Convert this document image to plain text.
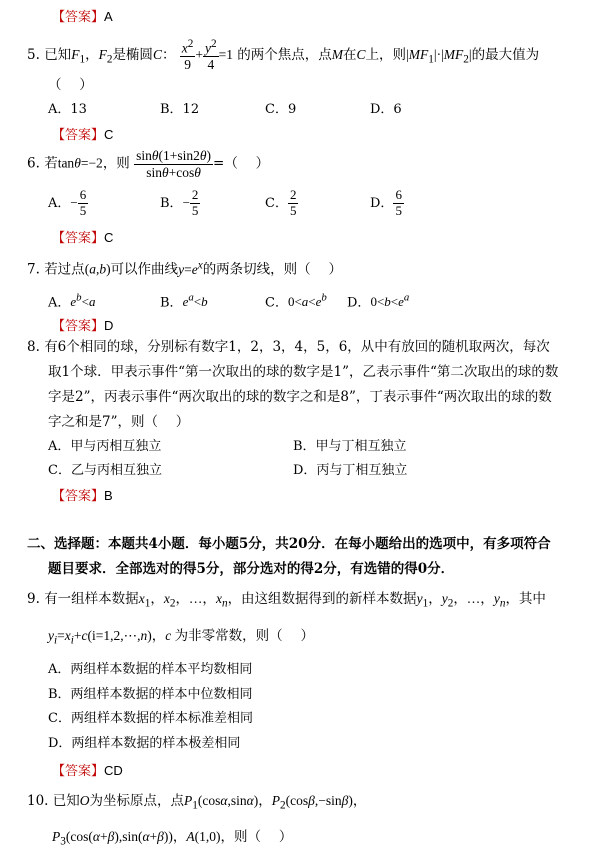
【答案】A
5. 已知$F_1$，$F_2$是椭圆C： $\frac{x^2}{9} + \frac{y^2}{4} =1$ 的两个焦点，点M在C上，则$|MF_1|\cdot|MF_2|$的最大值为
（　 ）
A．13	B．12	C．9	D．6
【答案】C
6. 若tanθ=−2，则 $\frac{\sin\theta(1+\sin 2\theta)}{\sin\theta+\cos\theta}$ =（　 ）
A．− $\frac{6}{5}$	B．− $\frac{2}{5}$	C． $\frac{2}{5}$	D． $\frac{6}{5}$
【答案】C
7. 若过点(a,b)可以作曲线$y=e^x$的两条切线，则（　 ）
A．$e^b<a$	B．$e^a<b$	C．$0<a<e^b$ D．$0<b<e^a$
【答案】D
8. 有6个相同的球，分别标有数字1，2，3，4，5，6，从中有放回的随机取两次，每次
取1个球．甲表示事件“第一次取出的球的数字是1”，乙表示事件“第二次取出的球的数
字是2”，丙表示事件“两次取出的球的数字之和是8”，丁表示事件“两次取出的球的数
字之和是7”，则（　 ）
A．甲与丙相互独立	B．甲与丁相互独立
C．乙与丙相互独立	D．丙与丁相互独立
【答案】B
二、选择题：本题共4小题．每小题5分，共20分．在每小题给出的选项中，有多项符合
题目要求．全部选对的得5分，部分选对的得2分，有选错的得0分．
9. 有一组样本数据$x_1$，$x_2$，…，$x_n$，由这组数据得到的新样本数据$y_1$，$y_2$，…，$y_n$，其中
$y_i=x_i+c(i=1,2,\cdots,n)$，c 为非零常数，则（　 ）
A．两组样本数据的样本平均数相同
B．两组样本数据的样本中位数相同
C．两组样本数据的样本标准差相同
D．两组样本数据的样本极差相同
【答案】CD
10. 已知O为坐标原点，点$P_1(\cos\alpha,\sin\alpha)$，$P_2(\cos\beta,-\sin\beta)$，
$P_3(\cos(\alpha+\beta),\sin(\alpha+\beta))$，A(1,0)，则（　 ）
